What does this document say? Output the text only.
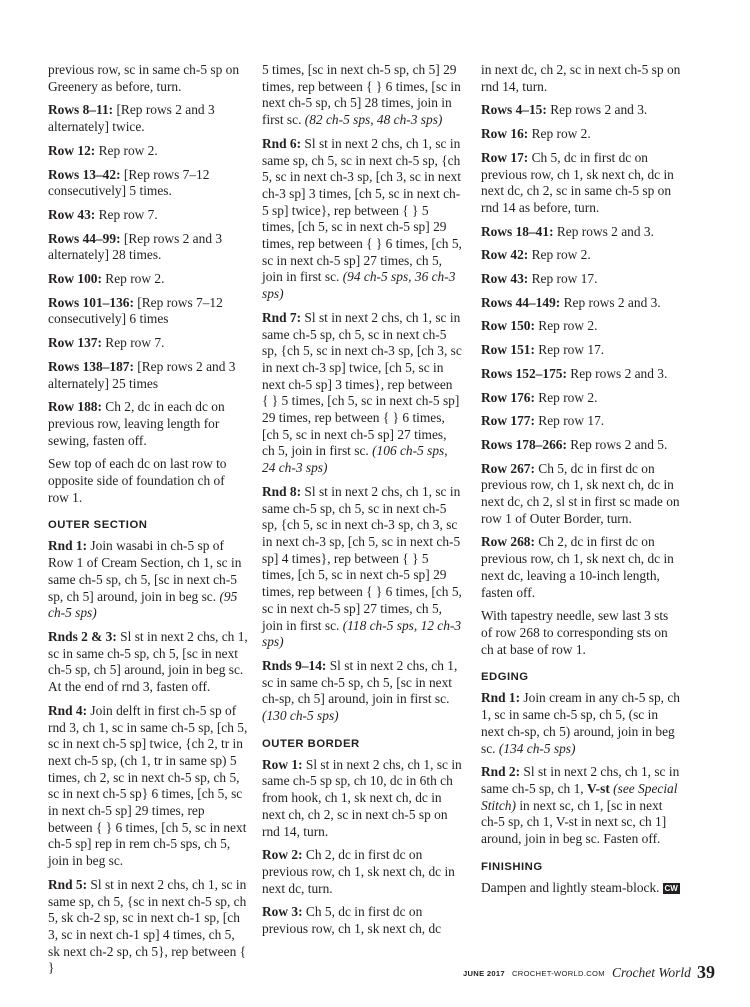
previous row, sc in same ch-5 sp on Greenery as before, turn.

Rows 8–11: [Rep rows 2 and 3 alternately] twice.

Row 12: Rep row 2.

Rows 13–42: [Rep rows 7–12 consecutively] 5 times.

Row 43: Rep row 7.

Rows 44–99: [Rep rows 2 and 3 alternately] 28 times.

Row 100: Rep row 2.

Rows 101–136: [Rep rows 7–12 consecutively] 6 times

Row 137: Rep row 7.

Rows 138–187: [Rep rows 2 and 3 alternately] 25 times

Row 188: Ch 2, dc in each dc on previous row, leaving length for sewing, fasten off.

Sew top of each dc on last row to opposite side of foundation ch of row 1.

OUTER SECTION

Rnd 1: Join wasabi in ch-5 sp of Row 1 of Cream Section, ch 1, sc in same ch-5 sp, ch 5, [sc in next ch-5 sp, ch 5] around, join in beg sc. (95 ch-5 sps)

Rnds 2 & 3: Sl st in next 2 chs, ch 1, sc in same ch-5 sp, ch 5, [sc in next ch-5 sp, ch 5] around, join in beg sc. At the end of rnd 3, fasten off.

Rnd 4: Join delft in first ch-5 sp of rnd 3, ch 1, sc in same ch-5 sp, [ch 5, sc in next ch-5 sp] twice, {ch 2, tr in next ch-5 sp, (ch 1, tr in same sp) 5 times, ch 2, sc in next ch-5 sp, ch 5, sc in next ch-5 sp} 6 times, [ch 5, sc in next ch-5 sp] 29 times, rep between { } 6 times, [ch 5, sc in next ch-5 sp] rep in rem ch-5 sps, ch 5, join in beg sc.

Rnd 5: Sl st in next 2 chs, ch 1, sc in same sp, ch 5, {sc in next ch-5 sp, ch 5, sk ch-2 sp, sc in next ch-1 sp, [ch 3, sc in next ch-1 sp] 4 times, ch 5, sk next ch-2 sp, ch 5}, rep between { }

5 times, [sc in next ch-5 sp, ch 5] 29 times, rep between { } 6 times, [sc in next ch-5 sp, ch 5] 28 times, join in first sc. (82 ch-5 sps, 48 ch-3 sps)

Rnd 6: Sl st in next 2 chs, ch 1, sc in same sp, ch 5, sc in next ch-5 sp, {ch 5, sc in next ch-3 sp, [ch 3, sc in next ch-3 sp] 3 times, [ch 5, sc in next ch-5 sp] twice}, rep between { } 5 times, [ch 5, sc in next ch-5 sp] 29 times, rep between { } 6 times, [ch 5, sc in next ch-5 sp] 27 times, ch 5, join in first sc. (94 ch-5 sps, 36 ch-3 sps)

Rnd 7: Sl st in next 2 chs, ch 1, sc in same ch-5 sp, ch 5, sc in next ch-5 sp, {ch 5, sc in next ch-3 sp, [ch 3, sc in next ch-3 sp] twice, [ch 5, sc in next ch-5 sp] 3 times}, rep between { } 5 times, [ch 5, sc in next ch-5 sp] 29 times, rep between { } 6 times, [ch 5, sc in next ch-5 sp] 27 times, ch 5, join in first sc. (106 ch-5 sps, 24 ch-3 sps)

Rnd 8: Sl st in next 2 chs, ch 1, sc in same ch-5 sp, ch 5, sc in next ch-5 sp, {ch 5, sc in next ch-3 sp, ch 3, sc in next ch-3 sp, [ch 5, sc in next ch-5 sp] 4 times}, rep between { } 5 times, [ch 5, sc in next ch-5 sp] 29 times, rep between { } 6 times, [ch 5, sc in next ch-5 sp] 27 times, ch 5, join in first sc. (118 ch-5 sps, 12 ch-3 sps)

Rnds 9–14: Sl st in next 2 chs, ch 1, sc in same ch-5 sp, ch 5, [sc in next ch-sp, ch 5] around, join in first sc. (130 ch-5 sps)

OUTER BORDER

Row 1: Sl st in next 2 chs, ch 1, sc in same ch-5 sp sp, ch 10, dc in 6th ch from hook, ch 1, sk next ch, dc in next ch, ch 2, sc in next ch-5 sp on rnd 14, turn.

Row 2: Ch 2, dc in first dc on previous row, ch 1, sk next ch, dc in next dc, turn.

Row 3: Ch 5, dc in first dc on previous row, ch 1, sk next ch, dc

in next dc, ch 2, sc in next ch-5 sp on rnd 14, turn.

Rows 4–15: Rep rows 2 and 3.

Row 16: Rep row 2.

Row 17: Ch 5, dc in first dc on previous row, ch 1, sk next ch, dc in next dc, ch 2, sc in same ch-5 sp on rnd 14 as before, turn.

Rows 18–41: Rep rows 2 and 3.

Row 42: Rep row 2.

Row 43: Rep row 17.

Rows 44–149: Rep rows 2 and 3.

Row 150: Rep row 2.

Row 151: Rep row 17.

Rows 152–175: Rep rows 2 and 3.

Row 176: Rep row 2.

Row 177: Rep row 17.

Rows 178–266: Rep rows 2 and 5.

Row 267: Ch 5, dc in first dc on previous row, ch 1, sk next ch, dc in next dc, ch 2, sl st in first sc made on row 1 of Outer Border, turn.

Row 268: Ch 2, dc in first dc on previous row, ch 1, sk next ch, dc in next dc, leaving a 10-inch length, fasten off.

With tapestry needle, sew last 3 sts of row 268 to corresponding sts on ch at base of row 1.

EDGING

Rnd 1: Join cream in any ch-5 sp, ch 1, sc in same ch-5 sp, ch 5, (sc in next ch-sp, ch 5) around, join in beg sc. (134 ch-5 sps)

Rnd 2: Sl st in next 2 chs, ch 1, sc in same ch-5 sp, ch 1, V-st (see Special Stitch) in next sc, ch 1, [sc in next ch-5 sp, ch 1, V-st in next sc, ch 1] around, join in beg sc. Fasten off.

FINISHING

Dampen and lightly steam-block. CW

JUNE 2017 CROCHET-WORLD.COM Crochet World 39
